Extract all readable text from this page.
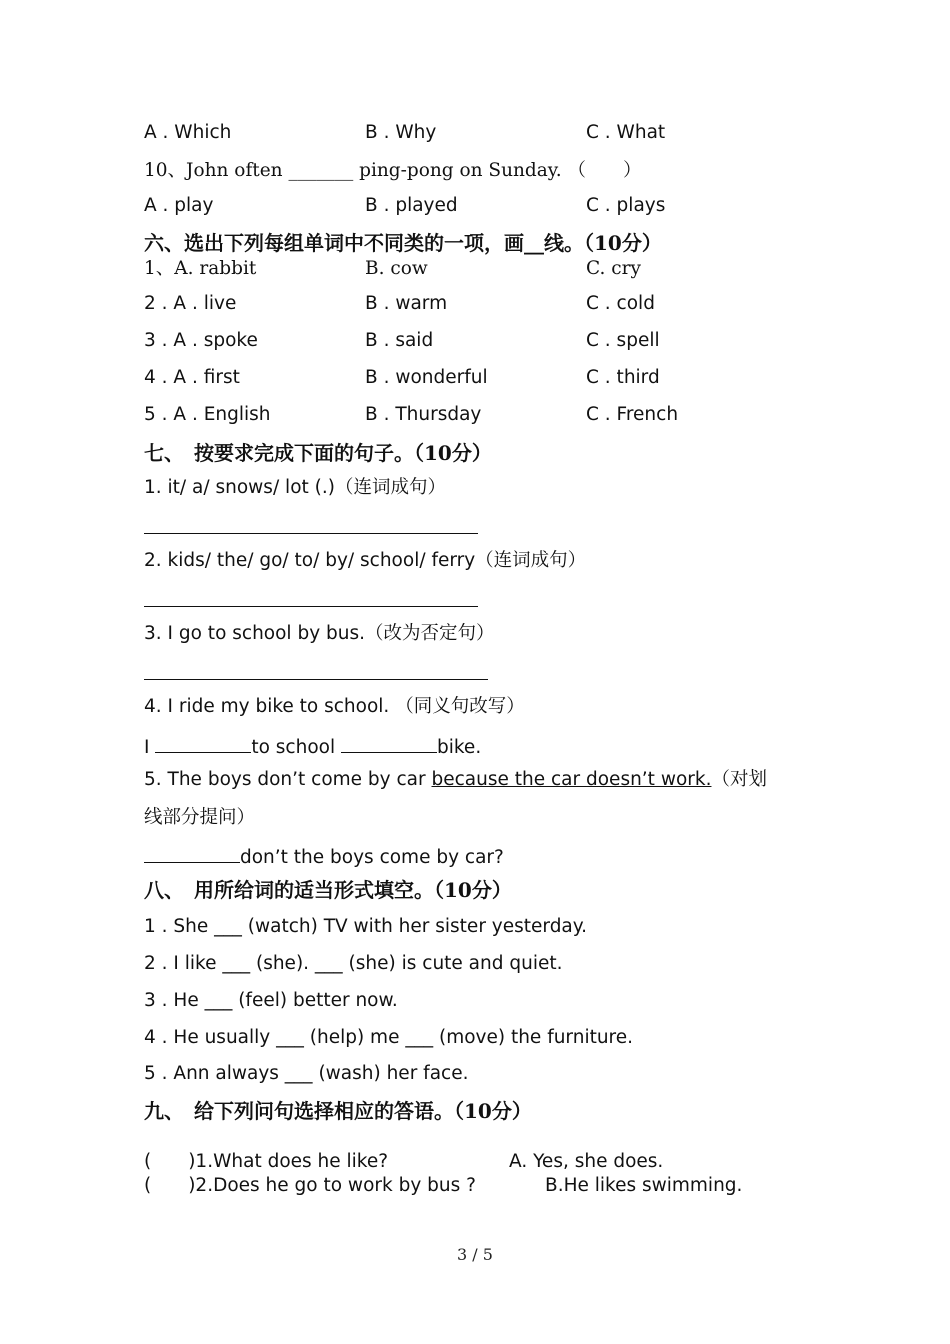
A . Which	B . Why	C . What
10、John often _______ ping-pong on Sunday. （　　）
A . play	B . played	C . plays
六、选出下列每组单词中不同类的一项，画__线。（10分）
1、A. rabbit	B. cow	C. cry
2 . A . live	B . warm	C . cold
3 . A . spoke	B . said	C . spell
4 . A . first	B . wonderful	C . third
5 . A . English	B . Thursday	C . French
七、　按要求完成下面的句子。（10分）
1. it/ a/ snows/ lot (.)（连词成句）
2. kids/ the/ go/ to/ by/ school/ ferry（连词成句）
3. I go to school by bus.（改为否定句）
4. I ride my bike to school. （同义句改写）
I	to school	bike.
5. The boys don’t come by car because the car doesn’t work.（对划
线部分提问）
don’t the boys come by car?
八、　用所给词的适当形式填空。（10分）
1 . She ___ (watch) TV with her sister yesterday.
2 . I like ___ (she). ___ (she) is cute and quiet.
3 . He ___ (feel) better now.
4 . He usually ___ (help) me ___ (move) the furniture.
5 . Ann always ___ (wash) her face.
九、　给下列问句选择相应的答语。（10分）
(　　)1.What does he like?	A. Yes, she does.
(　　)2.Does he go to work by bus ?	B.He likes swimming.
3 / 5
